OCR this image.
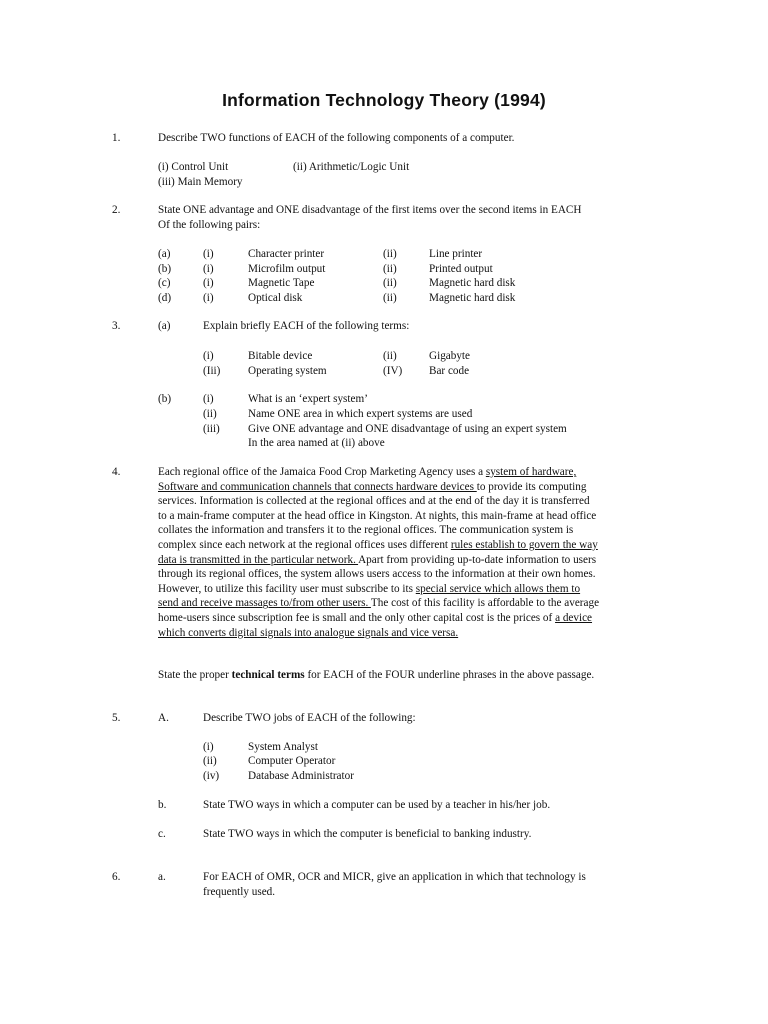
Information Technology Theory (1994)
1.	Describe TWO functions of EACH of the following components of a computer.
(i) Control Unit	(ii) Arithmetic/Logic Unit
(iii) Main Memory
2.	State ONE advantage and ONE disadvantage of the first items over the second items in EACH
Of the following pairs:
(a)	(i)	Character printer	(ii)	Line printer
(b)	(i)	Microfilm output	(ii)	Printed output
(c)	(i)	Magnetic Tape	(ii)	Magnetic hard disk
(d)	(i)	Optical disk	(ii)	Magnetic hard disk
3.	(a)	Explain briefly EACH of the following terms:
(i)	Bitable device	(ii)	Gigabyte
(Iii) Operating system	(IV) Bar code
(b)	(i)	What is an ‘expert system’
(ii)	Name ONE area in which expert systems are used
(iii)	Give ONE advantage and ONE disadvantage of using an expert system
In the area named at (ii) above
4.	Each regional office of the Jamaica Food Crop Marketing Agency uses a system of hardware,
Software and communication channels that connects hardware devices to provide its computing
services. Information is collected at the regional offices and at the end of the day it is transferred
to a main-frame computer at the head office in Kingston. At nights, this main-frame at head office
collates the information and transfers it to the regional offices. The communication system is
complex since each network at the regional offices uses different rules establish to govern the way
data is transmitted in the particular network. Apart from providing up-to-date information to users
through its regional offices, the system allows users access to the information at their own homes.
However, to utilize this facility user must subscribe to its special service which allows them to
send and receive massages to/from other users. The cost of this facility is affordable to the average
home-users since subscription fee is small and the only other capital cost is the prices of a device
which converts digital signals into analogue signals and vice versa.
State the proper technical terms for EACH of the FOUR underline phrases in the above passage.
5.	A.	Describe TWO jobs of EACH of the following:
(i)	System Analyst
(ii)	Computer Operator
(iv)	Database Administrator
b.	State TWO ways in which a computer can be used by a teacher in his/her job.
c.	State TWO ways in which the computer is beneficial to banking industry.
6.	a.	For EACH of OMR, OCR and MICR, give an application in which that technology is
frequently used.
